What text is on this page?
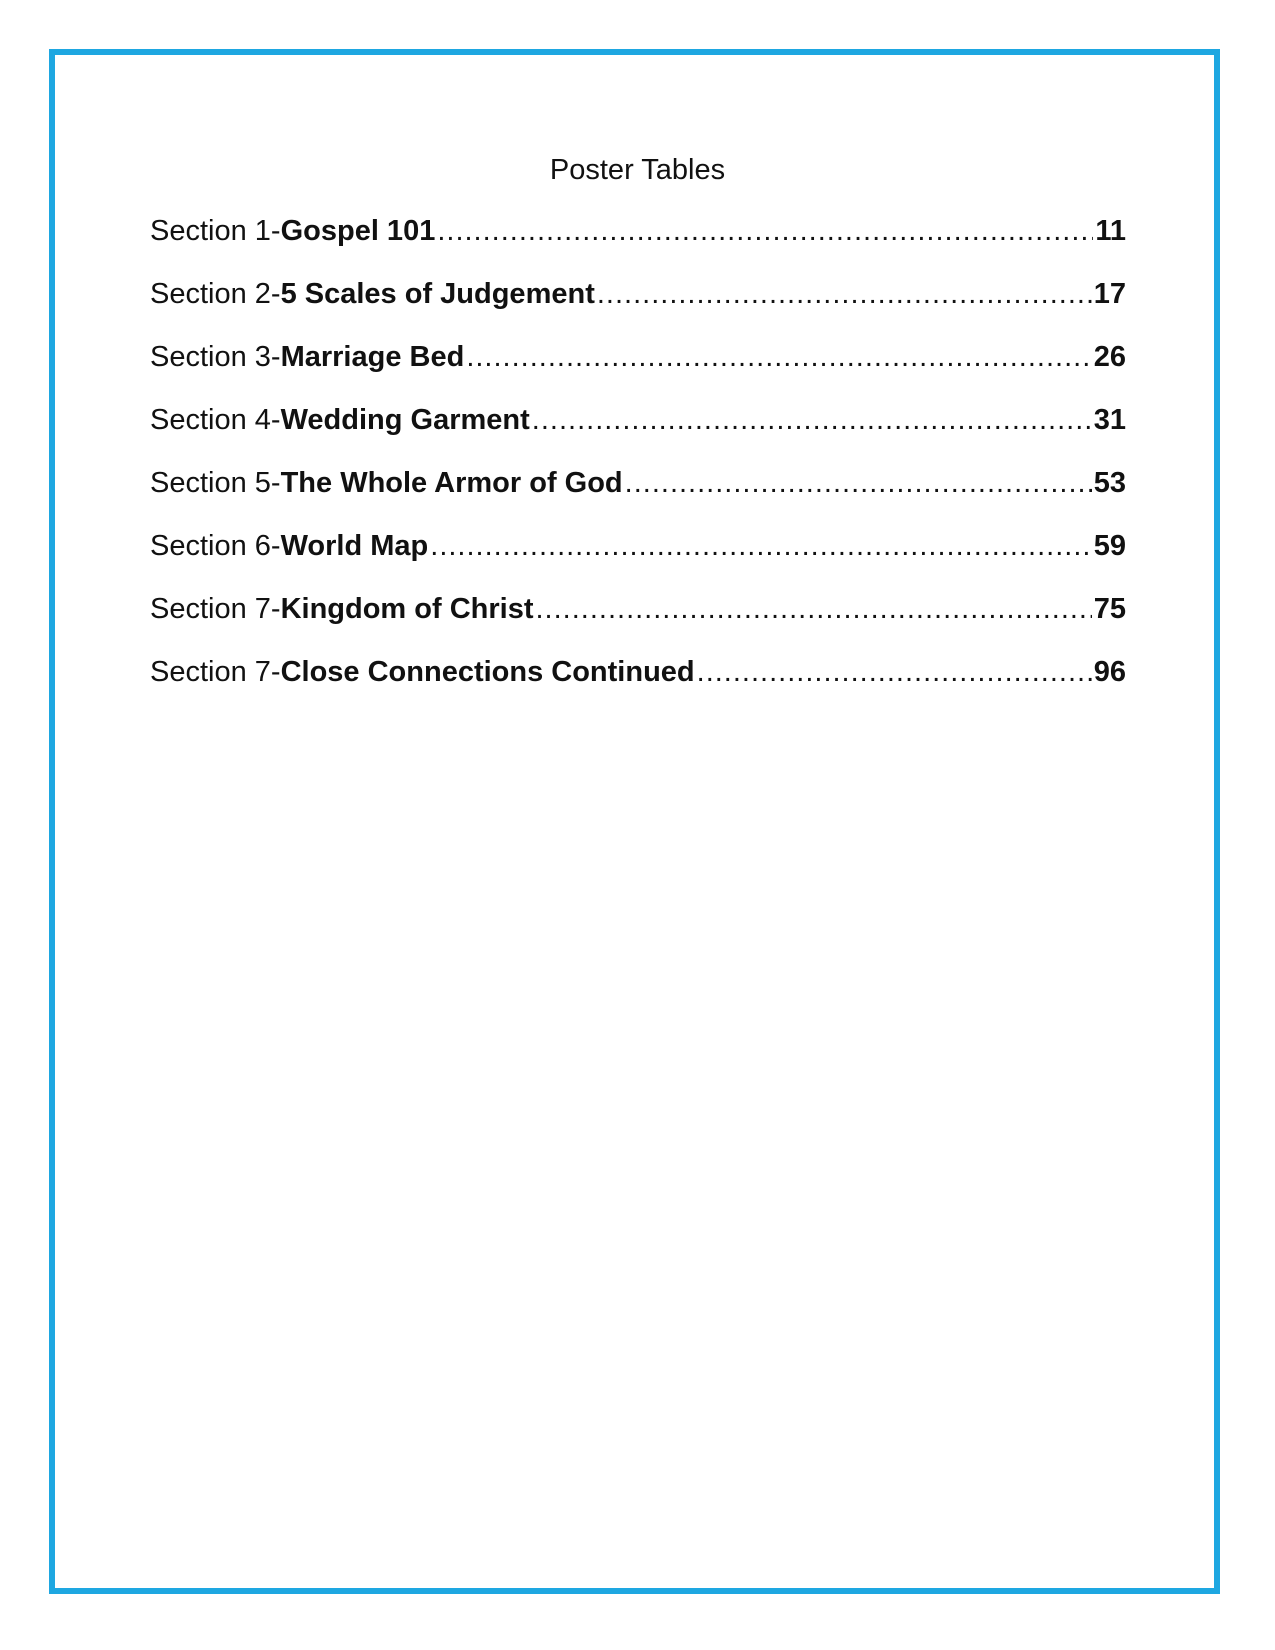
Poster Tables
Section 1- Gospel 101 .....	11
Section 2- 5 Scales of Judgement .....	17
Section 3- Marriage Bed .....	26
Section 4- Wedding Garment .....	31
Section 5- The Whole Armor of God .....	53
Section 6- World Map .....	59
Section 7- Kingdom of Christ .....	75
Section 7- Close Connections Continued .....	96
